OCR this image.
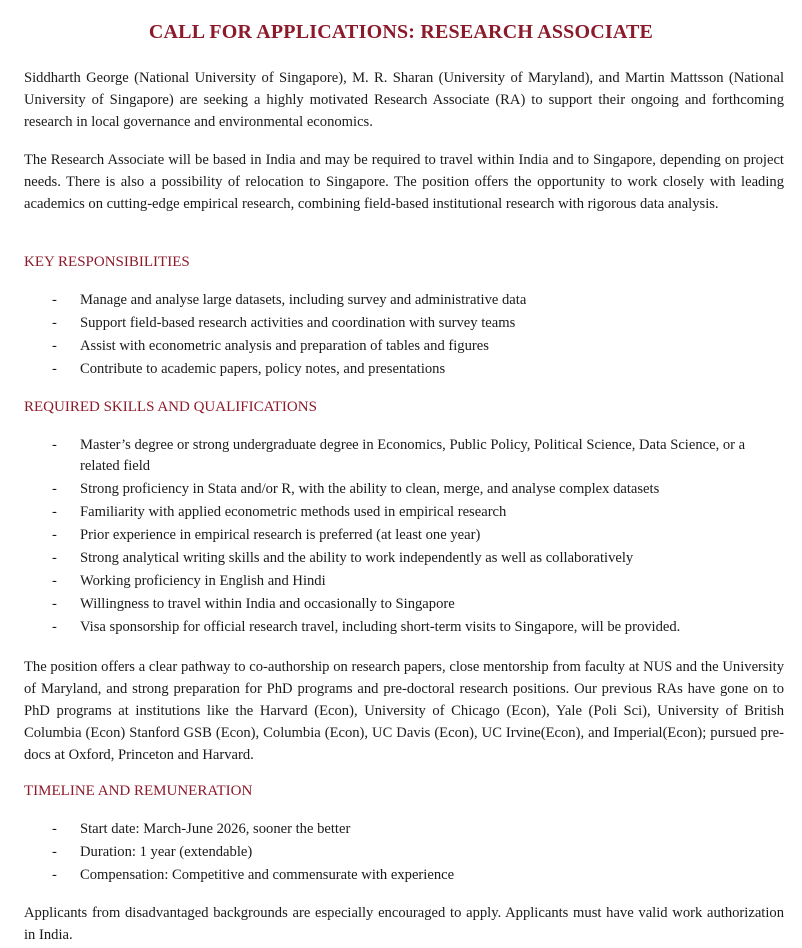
CALL FOR APPLICATIONS: RESEARCH ASSOCIATE

Siddharth George (National University of Singapore), M. R. Sharan (University of Maryland), and Martin Mattsson (National University of Singapore) are seeking a highly motivated Research Associate (RA) to support their ongoing and forthcoming research in local governance and environmental economics.

The Research Associate will be based in India and may be required to travel within India and to Singapore, depending on project needs. There is also a possibility of relocation to Singapore. The position offers the opportunity to work closely with leading academics on cutting-edge empirical research, combining field-based institutional research with rigorous data analysis.

KEY RESPONSIBILITIES
- Manage and analyse large datasets, including survey and administrative data
- Support field-based research activities and coordination with survey teams
- Assist with econometric analysis and preparation of tables and figures
- Contribute to academic papers, policy notes, and presentations
REQUIRED SKILLS AND QUALIFICATIONS
- Master’s degree or strong undergraduate degree in Economics, Public Policy, Political Science, Data Science, or a related field
- Strong proficiency in Stata and/or R, with the ability to clean, merge, and analyse complex datasets
- Familiarity with applied econometric methods used in empirical research
- Prior experience in empirical research is preferred (at least one year)
- Strong analytical writing skills and the ability to work independently as well as collaboratively
- Working proficiency in English and Hindi
- Willingness to travel within India and occasionally to Singapore
- Visa sponsorship for official research travel, including short-term visits to Singapore, will be provided.

The position offers a clear pathway to co-authorship on research papers, close mentorship from faculty at NUS and the University of Maryland, and strong preparation for PhD programs and pre-doctoral research positions. Our previous RAs have gone on to PhD programs at institutions like the Harvard (Econ), University of Chicago (Econ), Yale (Poli Sci), University of British Columbia (Econ) Stanford GSB (Econ), Columbia (Econ), UC Davis (Econ), UC Irvine(Econ), and Imperial(Econ); pursued pre-docs at Oxford, Princeton and Harvard.

TIMELINE AND REMUNERATION
- Start date: March-June 2026, sooner the better
- Duration: 1 year (extendable)
- Compensation: Competitive and commensurate with experience

Applicants from disadvantaged backgrounds are especially encouraged to apply. Applicants must have valid work authorization in India.
